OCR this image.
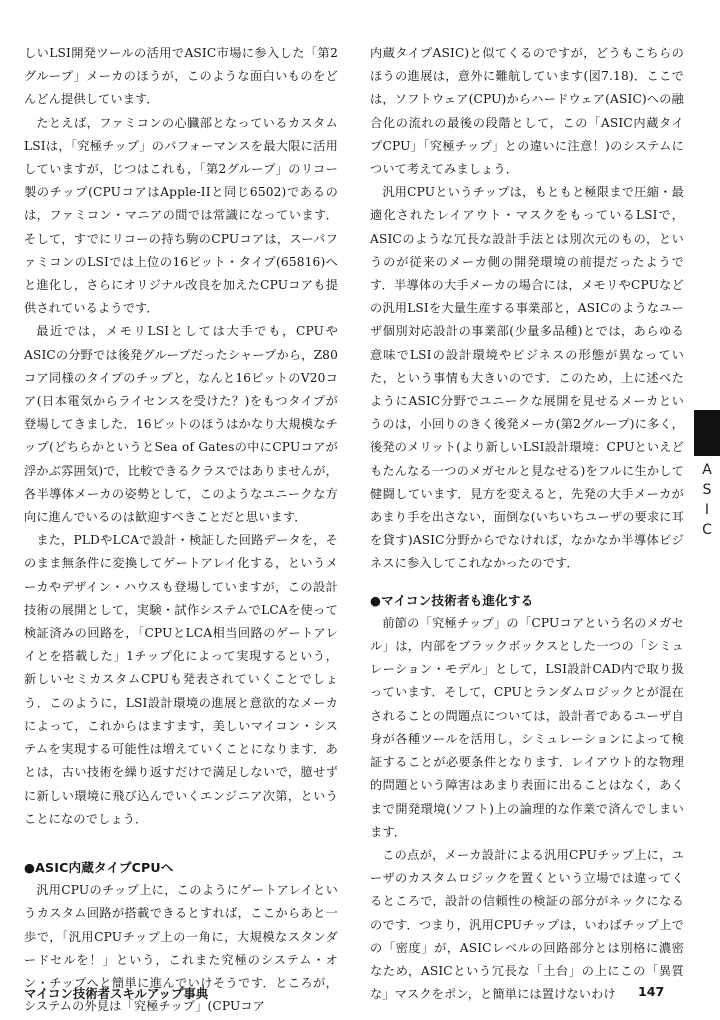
しいLSI開発ツールの活用でASIC市場に参入した「第2グループ」メーカのほうが，このような面白いものをどんどん提供しています．

たとえば，ファミコンの心臓部となっているカスタムLSIは，「究極チップ」のパフォーマンスを最大限に活用していますが，じつはこれも，「第2グループ」のリコー製のチップ(CPUコアはApple-IIと同じ6502)であるのは，ファミコン・マニアの間では常識になっています．そして，すでにリコーの持ち駒のCPUコアは，スーパファミコンのLSIでは上位の16ビット・タイプ(65816)へと進化し，さらにオリジナル改良を加えたCPUコアも提供されているようです．

最近では，メモリLSIとしては大手でも，CPUやASICの分野では後発グループだったシャープから，Z80コア同様のタイプのチップと，なんと16ビットのV20コア(日本電気からライセンスを受けた？)をもつタイプが登場してきました．16ビットのほうはかなり大規模なチップ(どちらかというとSea of Gatesの中にCPUコアが浮かぶ雰囲気)で，比較できるクラスではありませんが，各半導体メーカの姿勢として，このようなユニークな方向に進んでいるのは歓迎すべきことだと思います．

また，PLDやLCAで設計・検証した回路データを，そのまま無条件に変換してゲートアレイ化する，というメーカやデザイン・ハウスも登場していますが，この設計技術の展開として，実験・試作システムでLCAを使って検証済みの回路を，「CPUとLCA相当回路のゲートアレイとを搭載した」1チップ化によって実現するという，新しいセミカスタムCPUも発表されていくことでしょう．このように，LSI設計環境の進展と意欲的なメーカによって，これからはますます，美しいマイコン・システムを実現する可能性は増えていくことになります．あとは，古い技術を繰り返すだけで満足しないで，臆せずに新しい環境に飛び込んでいくエンジニア次第，ということになのでしょう．

●ASIC内蔵タイプCPUへ

汎用CPUのチップ上に，このようにゲートアレイというカスタム回路が搭載できるとすれば，ここからあと一歩で，「汎用CPUチップ上の一角に，大規模なスタンダードセルを！」という，これまた究極のシステム・オン・チップへと簡単に進んでいけそうです．ところが，システムの外見は「究極チップ」(CPUコア

内蔵タイプASIC)と似てくるのですが，どうもこちらのほうの進展は，意外に難航しています(図7.18)．ここでは，ソフトウェア(CPU)からハードウェア(ASIC)への融合化の流れの最後の段階として，この「ASIC内蔵タイプCPU」「究極チップ」との違いに注意！)のシステムについて考えてみましょう．

汎用CPUというチップは，もともと極限まで圧縮・最適化されたレイアウト・マスクをもっているLSIで，ASICのような冗長な設計手法とは別次元のもの，というのが従来のメーカ側の開発環境の前提だったようです．半導体の大手メーカの場合には，メモリやCPUなどの汎用LSIを大量生産する事業部と，ASICのようなユーザ個別対応設計の事業部(少量多品種)とでは，あらゆる意味でLSIの設計環境やビジネスの形態が異なっていた，という事情も大きいのです．このため，上に述べたようにASIC分野でユニークな展開を見せるメーカというのは，小回りのきく後発メーカ(第2グループ)に多く，後発のメリット(より新しいLSI設計環境：CPUといえどもたんなる一つのメガセルと見なせる)をフルに生かして健闘しています．見方を変えると，先発の大手メーカがあまり手を出さない，面倒な(いちいちユーザの要求に耳を貸す)ASIC分野からでなければ，なかなか半導体ビジネスに参入してこれなかったのです．

●マイコン技術者も進化する

前節の「究極チップ」の「CPUコアという名のメガセル」は，内部をブラックボックスとした一つの「シミュレーション・モデル」として，LSI設計CAD内で取り扱っています．そして，CPUとランダムロジックとが混在されることの問題点については，設計者であるユーザ自身が各種ツールを活用し，シミュレーションによって検証することが必要条件となります．レイアウト的な物理的問題という障害はあまり表面に出ることはなく，あくまで開発環境(ソフト)上の論理的な作業で済んでしまいます．

この点が，メーカ設計による汎用CPUチップ上に，ユーザのカスタムロジックを置くという立場では違ってくるところで，設計の信頼性の検証の部分がネックになるのです．つまり，汎用CPUチップは，いわばチップ上での「密度」が，ASICレベルの回路部分とは別格に濃密なため，ASICという冗長な「土台」の上にこの「異質な」マスクをポン，と簡単には置けないわけ

A
S
I
C
マイコン技術者スキルアップ事典	147
